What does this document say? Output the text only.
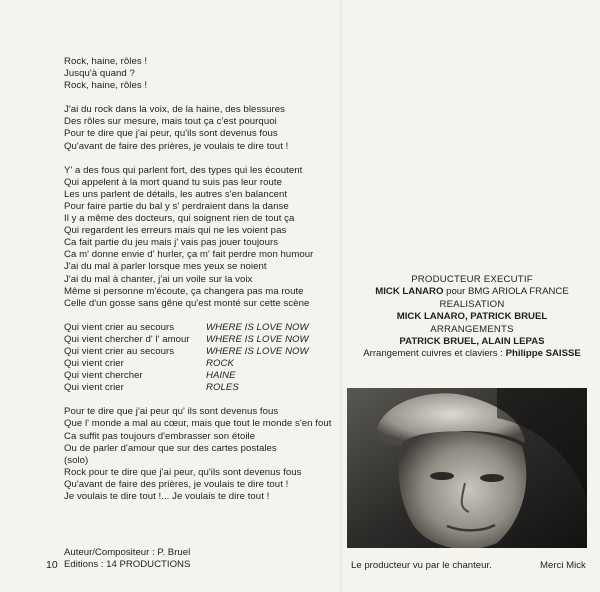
Rock, haine, rôles !
Jusqu'à quand ?
Rock, haine, rôles !
J'ai du rock dans la voix, de la haine, des blessures
Des rôles sur mesure, mais tout ça c'est pourquoi
Pour te dire que j'ai peur, qu'ils sont devenus fous
Qu'avant de faire des prières, je voulais te dire tout !
Y' a des fous qui parlent fort, des types qui les écoutent
Qui appelent à la mort quand tu suis pas leur route
Les uns parlent de détails, les autres s'en balancent
Pour faire partie du bal y s' perdraient dans la danse
Il y a même des docteurs, qui soignent rien de tout ça
Qui regardent les erreurs mais qui ne les voient pas
Ca fait partie du jeu mais j' vais pas jouer toujours
Ca m' donne envie d' hurler, ça m' fait perdre mon humour
J'ai du mal à parler lorsque mes yeux se noient
J'ai du mal à chanter, j'ai un voile sur la voix
Même si personne m'écoute, ça changera pas ma route
Celle d'un gosse sans gêne qu'est monté sur cette scène
Qui vient crier au secours	WHERE IS LOVE NOW
Qui vient chercher d' l' amour	WHERE IS LOVE NOW
Qui vient crier au secours	WHERE IS LOVE NOW
Qui vient crier	ROCK
Qui vient chercher	HAINE
Qui vient crier	ROLES
Pour te dire que j'ai peur qu' ils sont devenus fous
Que l' monde a mal au cœur, mais que tout le monde s'en fout
Ca suffit pas toujours d'embrasser son étoile
Ou de parler d'amour que sur des cartes postales
(solo)
Rock pour te dire que j'ai peur, qu'ils sont devenus fous
Qu'avant de faire des prières, je voulais te dire tout !
Je voulais te dire tout !... Je voulais te dire tout !
Auteur/Compositeur : P. Bruel
Editions : 14 PRODUCTIONS
10
PRODUCTEUR EXECUTIF
MICK LANARO pour BMG ARIOLA FRANCE
REALISATION
MICK LANARO, PATRICK BRUEL
ARRANGEMENTS
PATRICK BRUEL, ALAIN LEPAS
Arrangement cuivres et claviers : Philippe SAISSE
Le producteur vu par le chanteur.	Merci Mick
